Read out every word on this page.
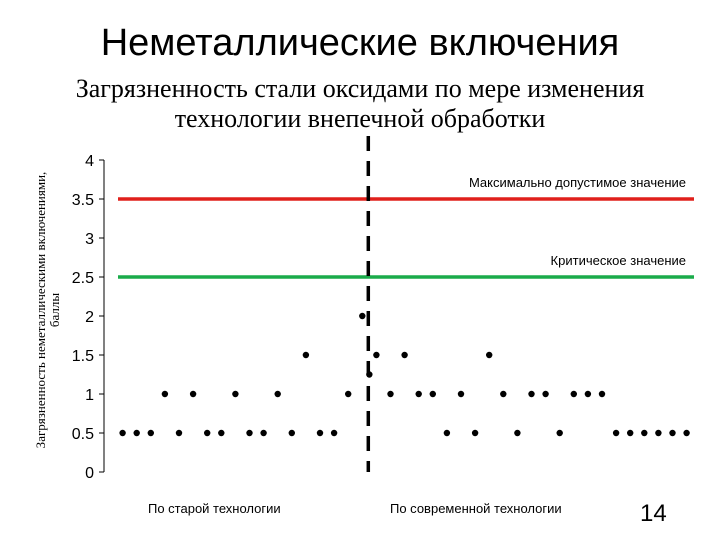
Неметаллические включения
Загрязненность стали оксидами по мере изменения
технологии внепечной обработки
Загрязненность неметаллическими включениями, баллы
0
0.5
1
1.5
2
2.5
3
3.5
4
Максимально допустимое значение
Критическое значение
По старой технологии	По современной технологии	14
